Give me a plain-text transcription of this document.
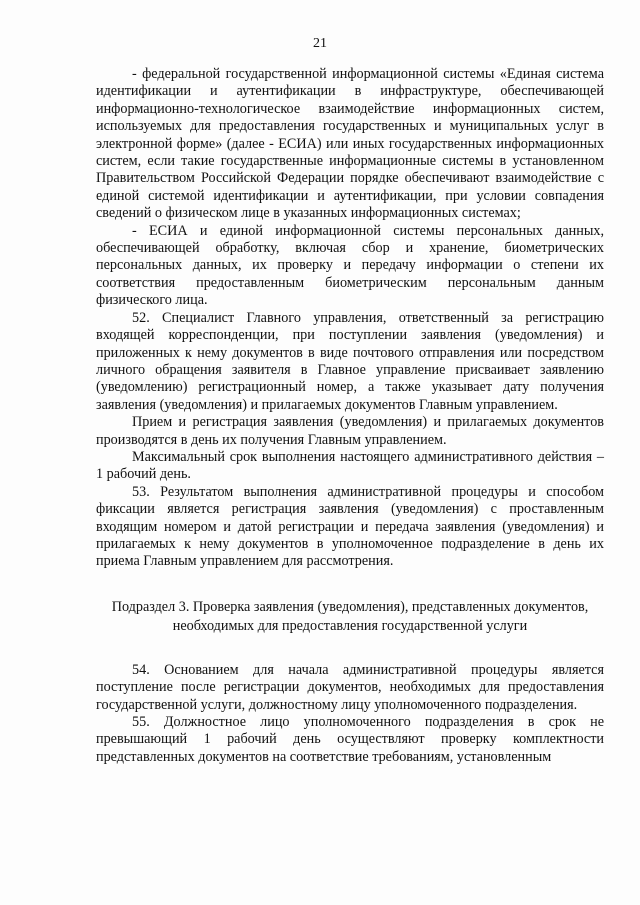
21

- федеральной государственной информационной системы «Единая система идентификации и аутентификации в инфраструктуре, обеспечивающей информационно-технологическое взаимодействие информационных систем, используемых для предоставления государственных и муниципальных услуг в электронной форме» (далее - ЕСИА) или иных государственных информационных систем, если такие государственные информационные системы в установленном Правительством Российской Федерации порядке обеспечивают взаимодействие с единой системой идентификации и аутентификации, при условии совпадения сведений о физическом лице в указанных информационных системах;

- ЕСИА и единой информационной системы персональных данных, обеспечивающей обработку, включая сбор и хранение, биометрических персональных данных, их проверку и передачу информации о степени их соответствия предоставленным биометрическим персональным данным физического лица.

52. Специалист Главного управления, ответственный за регистрацию входящей корреспонденции, при поступлении заявления (уведомления) и приложенных к нему документов в виде почтового отправления или посредством личного обращения заявителя в Главное управление присваивает заявлению (уведомлению) регистрационный номер, а также указывает дату получения заявления (уведомления) и прилагаемых документов Главным управлением.

Прием и регистрация заявления (уведомления) и прилагаемых документов производятся в день их получения Главным управлением.

Максимальный срок выполнения настоящего административного действия – 1 рабочий день.

53. Результатом выполнения административной процедуры и способом фиксации является регистрация заявления (уведомления) с проставленным входящим номером и датой регистрации и передача заявления (уведомления) и прилагаемых к нему документов в уполномоченное подразделение в день их приема Главным управлением для рассмотрения.

Подраздел 3. Проверка заявления (уведомления), представленных документов, необходимых для предоставления государственной услуги

54. Основанием для начала административной процедуры является поступление после регистрации документов, необходимых для предоставления государственной услуги, должностному лицу уполномоченного подразделения.

55. Должностное лицо уполномоченного подразделения в срок не превышающий 1 рабочий день осуществляют проверку комплектности представленных документов на соответствие требованиям, установленным
